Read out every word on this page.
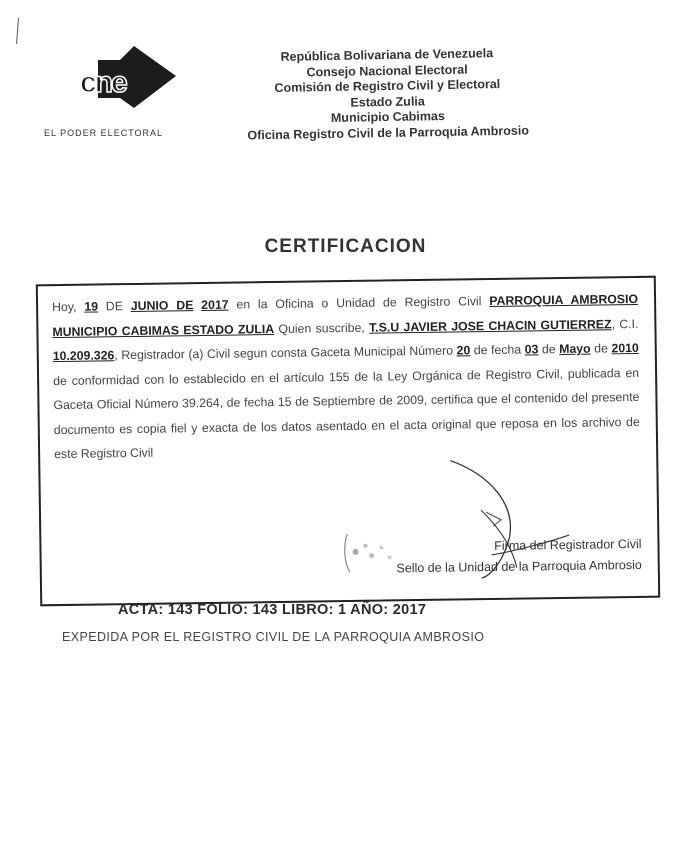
cne
EL PODER ELECTORAL
República Bolivariana de Venezuela
Consejo Nacional Electoral
Comisión de Registro Civil y Electoral
Estado Zulia
Municipio Cabimas
Oficina Registro Civil de la Parroquia Ambrosio
CERTIFICACION
Hoy, 19 DE JUNIO DE 2017 en la Oficina o Unidad de Registro Civil PARROQUIA AMBROSIO MUNICIPIO CABIMAS ESTADO ZULIA Quien suscribe, T.S.U JAVIER JOSE CHACIN GUTIERREZ, C.I. 10.209.326, Registrador (a) Civil segun consta Gaceta Municipal Número 20 de fecha 03 de Mayo de 2010 de conformidad con lo establecido en el artículo 155 de la Ley Orgánica de Registro Civil, publicada en Gaceta Oficial Número 39.264, de fecha 15 de Septiembre de 2009, certifica que el contenido del presente documento es copia fiel y exacta de los datos asentado en el acta original que reposa en los archivo de este Registro Civil
Firma del Registrador Civil
Sello de la Unidad de la Parroquia Ambrosio
ACTA: 143 FOLIO: 143 LIBRO: 1 AÑO: 2017
EXPEDIDA POR EL REGISTRO CIVIL DE LA PARROQUIA AMBROSIO
